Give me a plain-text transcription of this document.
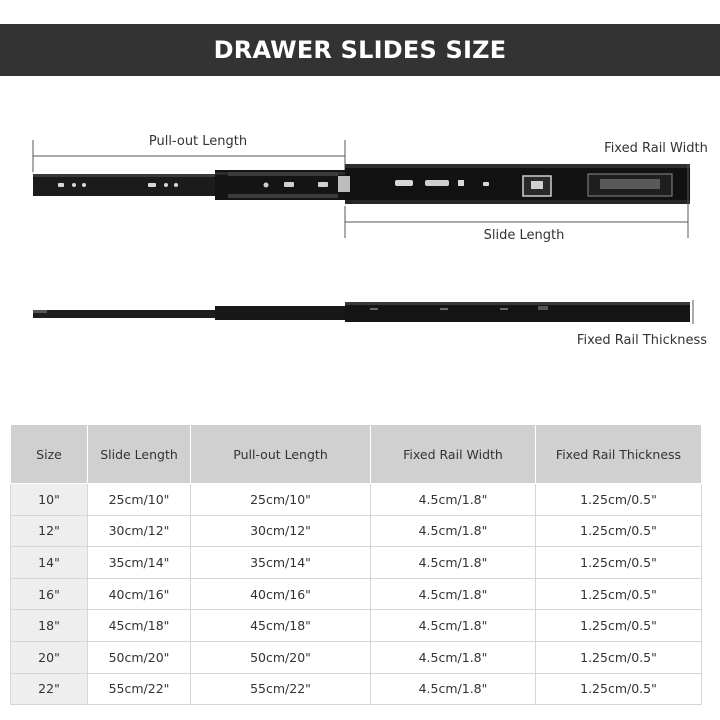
DRAWER SLIDES SIZE
Pull-out Length	Fixed Rail Width
Slide Length
Fixed Rail Thickness
Size	Slide Length	Pull-out Length	Fixed Rail Width	Fixed Rail Thickness
10"	25cm/10"	25cm/10"	4.5cm/1.8"	1.25cm/0.5"
12"	30cm/12"	30cm/12"	4.5cm/1.8"	1.25cm/0.5"
14"	35cm/14"	35cm/14"	4.5cm/1.8"	1.25cm/0.5"
16"	40cm/16"	40cm/16"	4.5cm/1.8"	1.25cm/0.5"
18"	45cm/18"	45cm/18"	4.5cm/1.8"	1.25cm/0.5"
20"	50cm/20"	50cm/20"	4.5cm/1.8"	1.25cm/0.5"
22"	55cm/22"	55cm/22"	4.5cm/1.8"	1.25cm/0.5"
